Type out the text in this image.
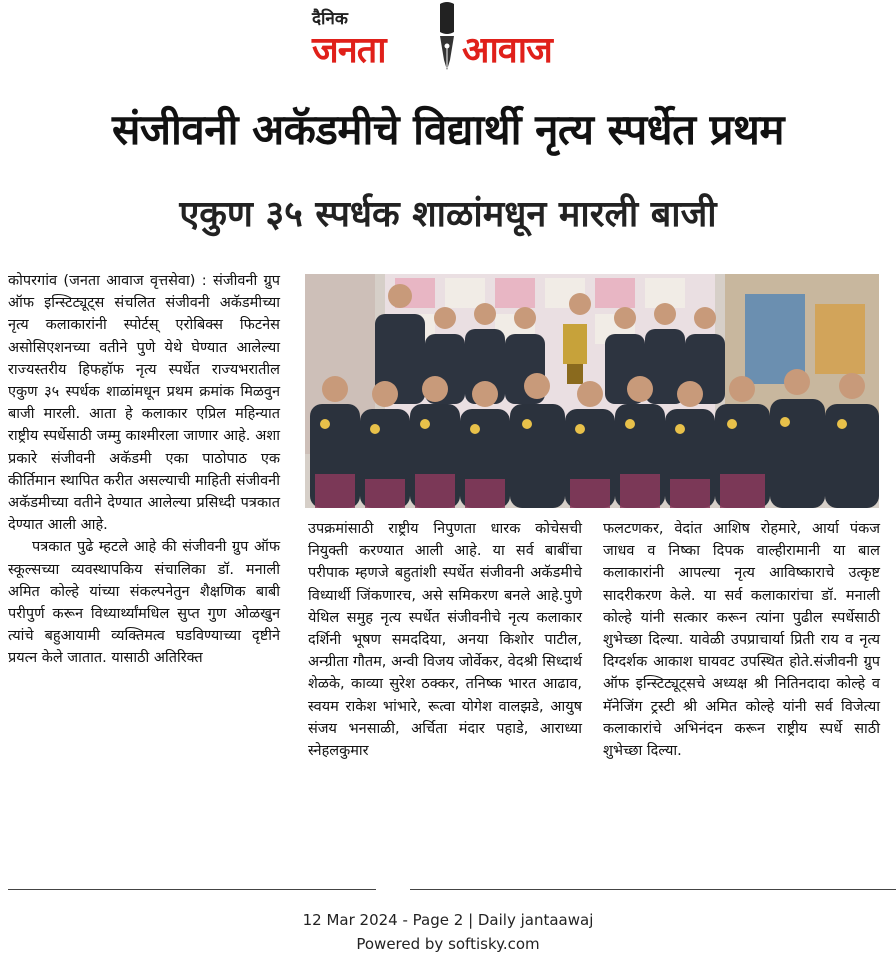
दैनिक
जनता आवाज
संजीवनी अकॅडमीचे विद्यार्थी नृत्य स्पर्धेत प्रथम
एकुण ३५ स्पर्धक शाळांमधून मारली बाजी

कोपरगांव (जनता आवाज वृत्तसेवा) : संजीवनी ग्रुप ऑफ इन्स्टिट्यूट्स संचलित संजीवनी अकॅडमीच्या नृत्य कलाकारांनी स्पोर्टस् एरोबिक्स फिटनेस असोसिएशनच्या वतीने पुणे येथे घेण्यात आलेल्या राज्यस्तरीय हिफहॉफ नृत्य स्पर्धेत राज्यभरातील एकुण ३५ स्पर्धक शाळांमधून प्रथम क्रमांक मिळवुन बाजी मारली. आता हे कलाकार एप्रिल महिन्यात राष्ट्रीय स्पर्धेसाठी जम्मु काश्मीरला जाणार आहे. अशा प्रकारे संजीवनी अकॅडमी एका पाठोपाठ एक कीर्तिमान स्थापित करीत असल्याची माहिती संजीवनी अकॅडमीच्या वतीने देण्यात आलेल्या प्रसिध्दी पत्रकात देण्यात आली आहे.

पत्रकात पुढे म्हटले आहे की संजीवनी ग्रुप ऑफ स्कूल्सच्या व्यवस्थापकिय संचालिका डॉ. मनाली अमित कोल्हे यांच्या संकल्पनेतुन शैक्षणिक बाबी परीपुर्ण करून विध्यार्थ्यांमधिल सुप्त गुण ओळखुन त्यांचे बहुआयामी व्यक्तिमत्व घडविण्याच्या दृष्टीने प्रयत्न केले जातात. यासाठी अतिरिक्त

उपक्रमांसाठी राष्ट्रीय निपुणता धारक कोचेसची नियुक्ती करण्यात आली आहे. या सर्व बाबींचा परीपाक म्हणजे बहुतांशी स्पर्धेत संजीवनी अकॅडमीचे विध्यार्थी जिंकणारच, असे समिकरण बनले आहे.पुणे येथिल समुह नृत्य स्पर्धेत संजीवनीचे नृत्य कलाकार दर्शिनी भूषण समददिया, अनया किशोर पाटील, अन्ग्रीता गौतम, अन्वी विजय जोर्वेकर, वेदश्री सिध्दार्थ शेळके, काव्या सुरेश ठक्कर, तनिष्क भारत आढाव, स्वयम राकेश भांभारे, रूत्वा योगेश वालझडे, आयुष संजय भनसाळी, अर्चिता मंदार पहाडे, आराध्या स्नेहलकुमार

फलटणकर, वेदांत आशिष रोहमारे, आर्या पंकज जाधव व निष्का दिपक वाल्हीरामानी या बाल कलाकारांनी आपल्या नृत्य आविष्काराचे उत्कृष्ट सादरीकरण केले. या सर्व कलाकारांचा डॉ. मनाली कोल्हे यांनी सत्कार करून त्यांना पुढील स्पर्धेसाठी शुभेच्छा दिल्या. यावेळी उपप्राचार्या प्रिती राय व नृत्य दिग्दर्शक आकाश घायवट उपस्थित होते.संजीवनी ग्रुप ऑफ इन्स्टिट्यूट्सचे अध्यक्ष श्री नितिनदादा कोल्हे व मॅनेजिंग ट्रस्टी श्री अमित कोल्हे यांनी सर्व विजेत्या कलाकारांचे अभिनंदन करून राष्ट्रीय स्पर्धे साठी शुभेच्छा दिल्या.

12 Mar 2024 - Page 2 | Daily jantaawaj
Powered by softisky.com
